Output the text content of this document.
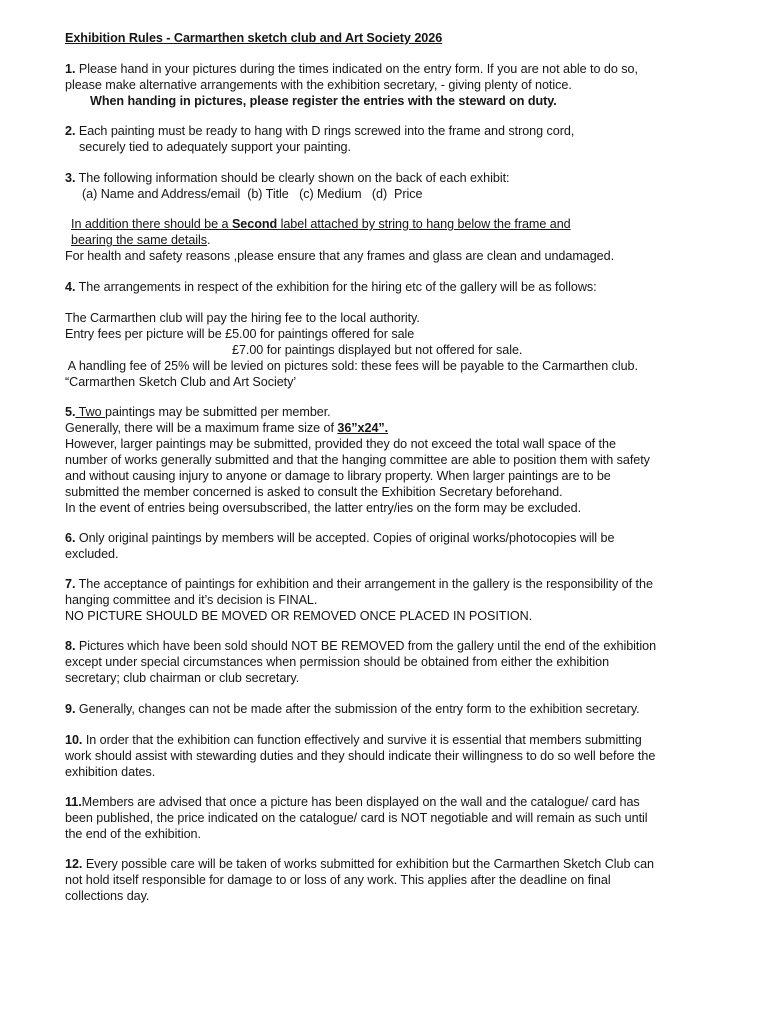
Exhibition Rules - Carmarthen sketch club and Art Society 2026
1. Please hand in your pictures during the times indicated on the entry form. If you are not able to do so,
please make alternative arrangements with the exhibition secretary, - giving plenty of notice.
When handing in pictures, please register the entries with the steward on duty.
2. Each painting must be ready to hang with D rings screwed into the frame and strong cord,
securely tied to adequately support your painting.
3. The following information should be clearly shown on the back of each exhibit:
(a) Name and Address/email  (b) Title   (c) Medium   (d)  Price
In addition there should be a Second label attached by string to hang below the frame and
bearing the same details.
For health and safety reasons ,please ensure that any frames and glass are clean and undamaged.
4. The arrangements in respect of the exhibition for the hiring etc of the gallery will be as follows:
The Carmarthen club will pay the hiring fee to the local authority.
Entry fees per picture will be £5.00 for paintings offered for sale
£7.00 for paintings displayed but not offered for sale.
A handling fee of 25% will be levied on pictures sold: these fees will be payable to the Carmarthen club.
“Carmarthen Sketch Club and Art Society’
5. Two paintings may be submitted per member.
Generally, there will be a maximum frame size of 36”x24”.
However, larger paintings may be submitted, provided they do not exceed the total wall space of the
number of works generally submitted and that the hanging committee are able to position them with safety
and without causing injury to anyone or damage to library property. When larger paintings are to be
submitted the member concerned is asked to consult the Exhibition Secretary beforehand.
In the event of entries being oversubscribed, the latter entry/ies on the form may be excluded.
6. Only original paintings by members will be accepted. Copies of original works/photocopies will be
excluded.
7. The acceptance of paintings for exhibition and their arrangement in the gallery is the responsibility of the
hanging committee and it’s decision is FINAL.
NO PICTURE SHOULD BE MOVED OR REMOVED ONCE PLACED IN POSITION.
8. Pictures which have been sold should NOT BE REMOVED from the gallery until the end of the exhibition
except under special circumstances when permission should be obtained from either the exhibition
secretary; club chairman or club secretary.
9. Generally, changes can not be made after the submission of the entry form to the exhibition secretary.
10. In order that the exhibition can function effectively and survive it is essential that members submitting
work should assist with stewarding duties and they should indicate their willingness to do so well before the
exhibition dates.
11.Members are advised that once a picture has been displayed on the wall and the catalogue/ card has
been published, the price indicated on the catalogue/ card is NOT negotiable and will remain as such until
the end of the exhibition.
12. Every possible care will be taken of works submitted for exhibition but the Carmarthen Sketch Club can
not hold itself responsible for damage to or loss of any work. This applies after the deadline on final
collections day.
